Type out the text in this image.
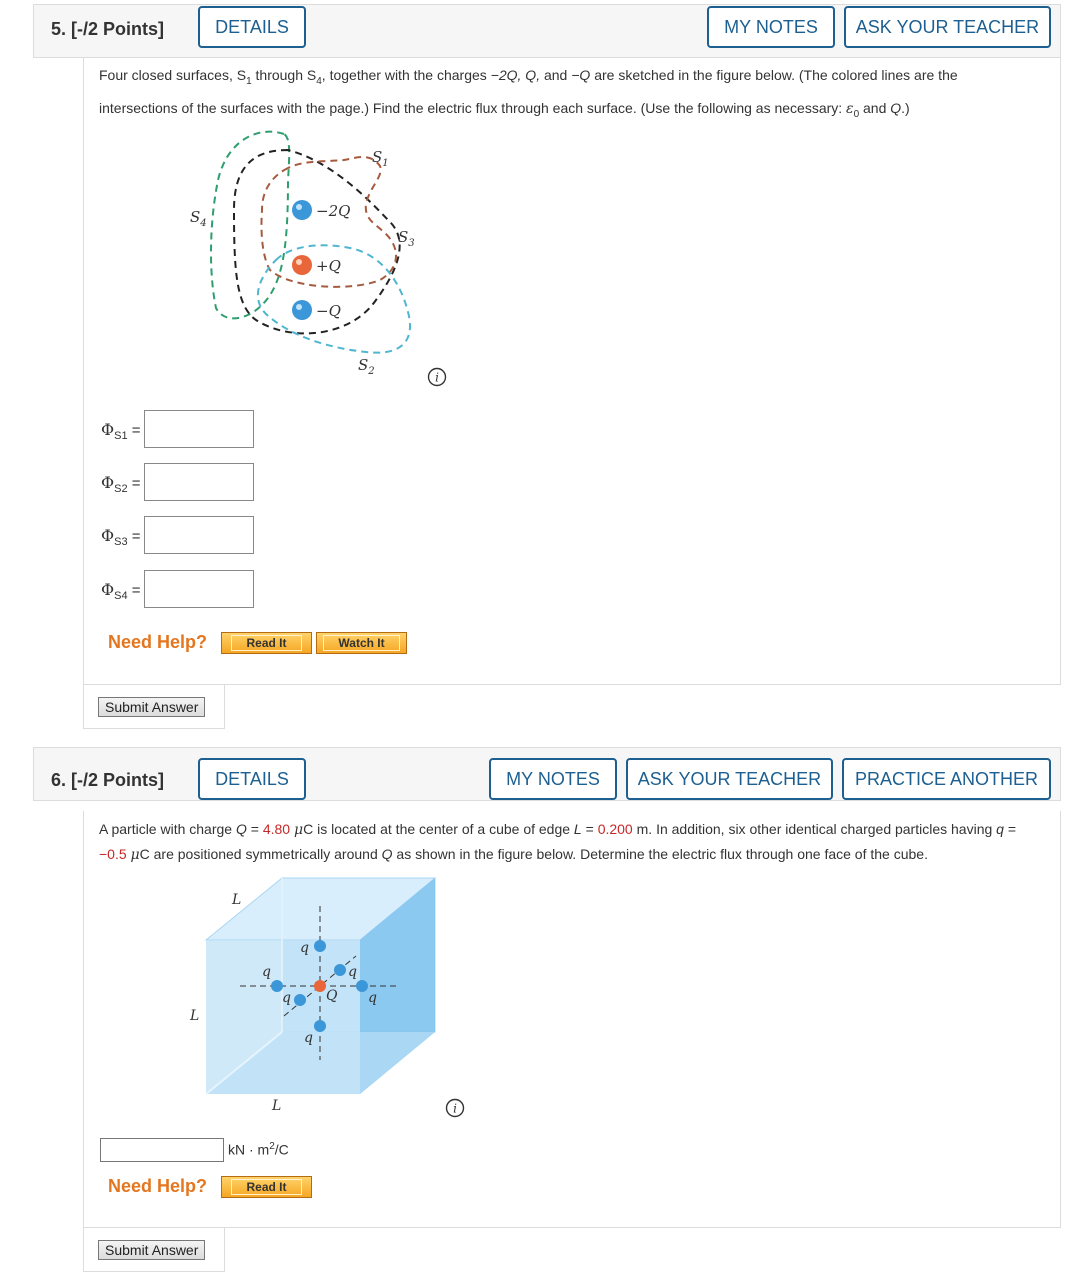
5. [-/2 Points]	DETAILS	MY NOTES	ASK YOUR TEACHER
Four closed surfaces, $S_1$ through $S_4$, together with the charges −2Q, Q, and −Q are sketched in the figure below. (The colored lines are the intersections of the surfaces with the page.) Find the electric flux through each surface. (Use the following as necessary: $\varepsilon_0$ and Q.)
−2Q
+Q
−Q
$S_1$
$S_2$
$S_3$
$S_4$
i
$\Phi_{S1}$ =
$\Phi_{S2}$ =
$\Phi_{S3}$ =
$\Phi_{S4}$ =
Need Help?	Read It	Watch It
Submit Answer
6. [-/2 Points]	DETAILS	MY NOTES	ASK YOUR TEACHER	PRACTICE ANOTHER
A particle with charge Q = 4.80 μC is located at the center of a cube of edge L = 0.200 m. In addition, six other identical charged particles having q = −0.5 μC are positioned symmetrically around Q as shown in the figure below. Determine the electric flux through one face of the cube.
L
L
L
q
q
q
q
q
q
Q
i
kN · $m^2/C$
Need Help?	Read It
Submit Answer
